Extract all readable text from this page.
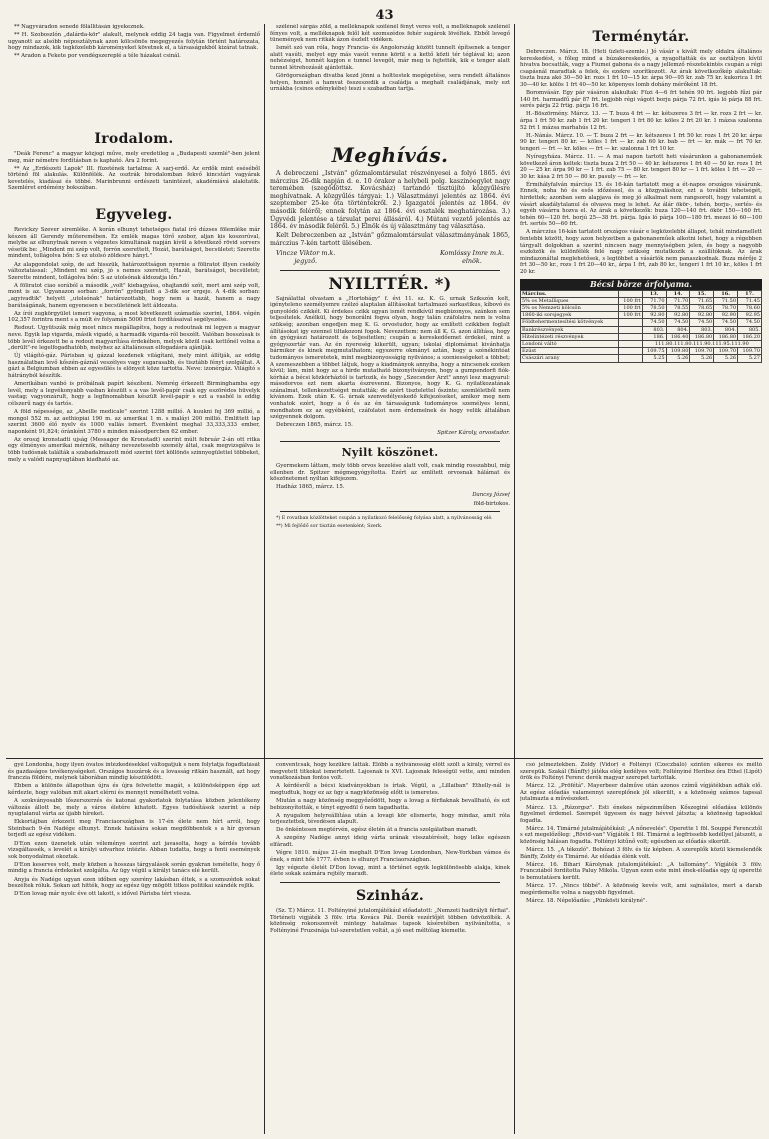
43

** Nagyváradon senedé fölállításán igyekeznek.

** H. Szoboszlón „dalárda-kör" alakult, melynek eddig 24 tagja van. Figyelmet érdemlő ugyanott az alsóbb néposztálynak azon kölcsönös megegyezés folytán történt határozata, hogy mindazok, kik tegközelebb károményeket követnek el, a társaságukból kizárat tatnak.

** Aradon a Fekete por vendégszereplé a téle házakat csinál.

Irodalom.

"Deák Ferenc" a magyar közjogi műve, mely eredetileg a „Budapesti szemlé"-ben jelent meg, már németre fordításban is kapható. Ára 2 forint.

** Az „Erdészeti Lapok" III. füzetének tartalma: A sarj-erdő. Az erdők mint eséséből történő föl alakulás. Különfélék. Az osztrák birodalomban fekvő kincstári vagyárak kevetelés, kiadásai és többé. Marinbrunni erdészeti tanintézet, akadémiává alakítatik. Szemléret erdémény bokszában.

Egyveleg.

Revickzy Szever siremléke. A korán elhunyt tehetséges fiatal író dúzses fölemléke már készen áll Gerendy műteremében. Ez emlék magas törő szobor, aljan kis koszorúval, melybe az elhunytnak neven s végzetes kimultának napján kívül a következő rövid sorvers vésetik be: „Mindent mi szép volt, forrón szerettett, Hozát, barátságot, becsületet; Szerette mindent, tollágolva bőn: S ez utolsó zöldesre hányt."

Az alapgondolat szép, de azt hisszük, határozottságon nyernie a föliratot illyen csekély változtatással: „Mindent mi szép, jó s nemes szeretett, Hazát, barátságot, becsületet; Szerette mindent, tollágolva bőn: S az utolsónak áldozatja lőn."

A föliratot ciao sorából a második „volt" kiebagyása, ohajtandó szót, mert ami szép volt, mont is az. Ugyanazon sorban: „forrón" gyöngített a 3-dik sor ergeje. A 4-dik sorban: „agyivadtik" helyett „utolsónak" határozottabb, hogy nem a hazát, hanem a nagy barátságának, hanem egyenesen e becsületének lett áldozata.

Az írói zugkörgyület ismeri vagyona, a most következett számadás szerint, 1864. végén 102,357 forintra ment s a múlt év folyamán 5000 frtot fordításaival segélyezése.

Redout. Ugyütszák még most nincs megállapítva, hogy a redoutnak mi legyen a magyar neve. Egyik lap vigarda, másik vigadó, a harmadik vigarda-ról beszélt. Valóban bosszúsak is több levél érkezett be a redout magyarítása érdekében, melyek közül csak kettőnél volna a „derült"-re legelfogadhatóbb, melyhez az általánosan elfogadásra ajánlják.

Új világító-gáz. Párisban uj gázzal kezdenek világítani, mely mint állítják, az eddig használatban levő kőszén-gáznál veszélyes vagy sugarasabb, és tisztább fényt szolgáltat. A gázt a Belgiumban ebben az egyesülés is elönyeit köze tartotta. Neve: izonérgáz. Világító s hátrányból készítik.

Amerikában vanbó is próbálnak papírt készíteni. Nemrég érkezett Birminghamba egy levél, mely a legvékonyabb vasban készült s a vas levél-papír csak egy eszörédos hüvelyk vastag; vagyonzárult, hogy a legfinomabban készült levél-papír s ezt a vasból is eddig célszerű nagy és tartós.

A föld népessége, az „Abeille medicale" szerint 1288 millió. A kuukni fej 369 millió, a mongol 552 m. az aethiopiai 190 m. az amerikai 1 m. s maláyi 200 millió. Emlittett lap szerint 3600 élő nyelv és 1000 vallás ismert. Évenként meghal 33,333,333 ember, naponként 91,824; óránként 3780 s minden másodpercben 62 ember.

Az oroszj kronstadti ujság (Messager de Kronstadt) szerint múlt február 2-án ott ritka egy élményes amerikai mérnök, néhány nevezetesebb személy által, csak megvizsgálva is több tudósnak találták a szabadalmazott mód szerint tört köllönös szinnyegülettel többeket, mely a valódi napnyugtában kiadható az.

szélénél sárgás zöld, a melléknapok szélénél fényt veres volt, a melléknapok szélénél fényes volt, a melléknapok felől két szomszédos fehér sugárok lövéltek. Ebből levegő tünemények nem ritkák ázon észlelt vidéken.

Ismét szó van róla, hogy Francia- és Angolország között tunnelt építsenek a tenger alatt vasúti, melyet egy más vasút venne körül s a kettő közti tér téglával ki; azon nehézséget, honnét kapjon e tunnel levegőt, már meg is fejtették, kik e tenger alatt tunnel létrehozását ajánlották.

Görögországban divatba kezd jönni a holttestek megégetése, sera rendelt általános helyen, honnét a hamvat összeszedik a családja a meghalt családjának, mely ezt urnákba (csinos edénykébe) teszi s szabadban tartja.

Meghívás.

A debreczeni „István" gőzmalomtársulat részvényesei a folyó 1865. évi márczius 26-dik napján d. e. 10 órakor a helybeli polg. kaszinóegylet nagy teremében (szegődöttsz. Kovácsház) tartandó tisztújító közgyűlésre meghívatnak. A közgyűlés tárgyai: 1.) Választmányi jelentés az 1864. évi szeptember 25-ke óta történtekről. 2.) Igazgatói jelentés az 1864. év második feléről; ennek folytán az 1864. évi osztalék meghatározása. 3.) Ügyvédi jelentése a társulat perei állásáról. 4.) Mútani vezető jelentés az 1864. év második feléről. 5.) Elnök és új választmány tag választása.

Kelt Debreczenben az „István" gőzmalomtársulat választmányának 1865, márczius 7-kén tartott ülésében.

Vincze Viktor m.k.
jegyző.
Komlóssy Imre m.k.
elnök.
NYILTTÉR. *)

Sajnálattal olvastam a „Hortobágy" f. évi 11. sz. K. G. urnak Szikszón kelt, igényteleno személyemre czélzó alaptalan állításokat tartalmazó sarkastikus, kíbovó és gunyolódó czikkét. Ki érdekes czikk ugyan ismét rendkívül megbizonyos, szánkon sem teljesítelek. Anélkül, hogy bonorálni fogva olyan, hogy talán czáfolatra nem is volna szükség; azonban engedjen meg K. G. orvostudor, hogy az említett czikkben foglalt állításokat igy ezennel tiltakozoni fogok. Nevezettem: nem áll K. G. azon állítása, hogy én gyógyászi határozott és teljesítetlen; csupán a kereskedőemet érdekel, mint a gyógyszertár van. Az én nyereség kikerült, ugyan; iskolai diplomámat kivánhatja bármikor és kinek megmutathatom; egyszerre okmányt aztán, hogy a szénékintóat tudományos ismeretetek, mint megbizonyosságig nyilvános; a szeniességeket a többet; A szemeszebben a többet látjuk, hogy a kiadmányok annyiba, hogy a nincsenek ezeken kívül; lám, mint hogy az a hirde mutatható bizonyítványom, hogy a gumpendorfi fiók-kórház a bécsi közkórháztól is tartozik, és hogy „Szecsnder Arzt" annyi lesz magyarul: másodorvos ezt nem akarta észrevenni. Bizonyos, hogy K. G. nyilatkozatának szánalmat, tellenkezettséget mutatták; de azért tisztelettel őszinte; szemléletből nem kívánom. Ezek után K. G. úrnak szenvedélyeskedő kifejezéseket, amikor meg nem vonhatok ezért, hogy a ő és az én társaságunk tudományos személyes lenni, mondhatom ez az egyébként, czáfolatot nem érdemelnek és hogy velük általában szégyennek dolgom.

Debreczen 1865, márcz. 15.

Spitzer Károly, orvostudor.

Nyilt köszönet.

Gyermekem láttam, mely több orvos kezelése alatt volt, csak mindig rosszabbul, míg ellenben dr. Spitzer mégmegyógyította. Ezért az említett orvosnak hálámat és köszönetemet nyíltan kifejezem.

Hadház 1865, márcz. 15.

Dancsy József

föld-birtokos.

*) E rovatban közlötteket csupán a nyilatkozó felelősség folyása alatt, a nyilvánosság elé.

**) Mi fejlődő sor tisztán esetenként; Szerk.

Terménytár.

Debreczen. Márcz. 18. (Heti üzleti-szemle.) Jó vásár s kivált mely oldalra általános kereskedést, s főleg mind a búzakereskedés, a nyagoltatták és az osztályon kívül hivatva bocsatták, vagy a Fiumei gabona és a nagy jellemző részetekintés csupán a régi csapásnál maradtak a felek, és ezekre szorítkozott. Az árak következőkép alakultak: tiszta buza akó 30—50 kr. rozs 1 frt 10—15 kr. árpa 90—95 kr. zab 75 kr. kukorica 1 frt 30—40 kr. kölös 1 frt 40—50 kr. köpenyes lomb dohány mérőként 18 frt.

Boromvásár. Egy pár vásáron alakultak: Füzi 4—6 frt tehén 90 frt. legjobb fűzi pár 140 frt. harmadfű pár 87 frt. legjobb régi vágott borju párja 72 frt. igás ló párja 88 frt. serés párja 22 frtig. párja 16 frt.

H.-Böszörmény. Márcz. 13. — T. buza 4 frt — kr. kétszeres 3 frt — kr. rozs 2 frt — kr. árpa 1 frt 50 kr. zab 1 frt 20 kr. tengeri 1 frt 80 kr. köles 2 frt 20 kr. 1 mázsa szalonna 52 frt 1 mázsa marhahús 12 frt.

H.-Nánás. Márcz. 10. — T. buza 2 frt — kr. kétszeres 1 frt 50 kr. rozs 1 frt 20 kr. árpa 90 kr. tengeri 80 kr. — köles 1 frt — kr. zab 60 kr. bab — frt — kr. mák — frt 70 kr. tengeri — frt — kr. köles — frt — kr. szalonna 1 frt 10 kr.

Nyíregyháza. Márcz. 11. — A mai napon tartott heti vásárunkon a gabonaneműek következő áron keltek: tiszta buza 2 frt 50 — 40 kr. kétszeres 1 frt 40 — 50 kr. rozs 1 frt 20 — 25 kr. árpa 90 kr — 1 frt. zab 75 — 80 kr. tengeri 80 kr — 1 frt. köles 1 frt — 20 — 30 kr. kása 2 frt 50 — 80 kr. pasuly — frt — kr.

Érmihályfalván március 15. és 16-kán tartatott meg a ét-napos országos vásárunk. Ennek, noha hó és esős időzéssel, és a közgyaláshoz, ezt a további tehetségét, hirdettek; azonban sem alapjava és meg jó alkalmat nem rangsorolt, hogy valamint a vásárt akadálytalanul és olvasva meg is lehet. Az álár ökör-, tehén, borju-, sertés- és egyéb vásárra hozva el. Az árak a következők: buza 120—140 frt. ökör 150—160 frt. tehén 60—120 frt. borjú 25—38 frt. párja. Igás ló párja 100—180 frt. mezei ló 60—100 frt. sertés 50—60 frt.

A márczius 16-kán tartatott országos vásár e legközelebbi állapot, tehát mindamellett fentebbi között, hogy azon helyzetben a gabonaneműek alkotni lehet, hogy a régebben tárgyalt dolgokban a szerint nincsen nagy mennyiségben jelen, és hogy a nagyobb eszközök és különfélék felé nagy szükség mutatkozik a szállítóknak. Az árak mindazonáltal meglehetősek, s legtöbbet a vásárlók nem panaszkodnak. Buza mérője 2 frt 30—50 kr., rozs 1 frt 20—40 kr., árpa 1 frt, zab 80 kr., tengeri 1 frt 10 kr., köles 1 frt 20 kr.

Bécsi börze árfolyama.
Március.		13.	14.	15.	16.	17.
5% os Metalliques	100 frt	71.70	71.70	71.65	71.50	71.45
5% os Nemzeti kölcsön	100 frt	78.50	78.55	78.65	78.70	78.60
1860-iki sorsjegyek	100 frt	92.80	92.80	92.80	92.90	92.95
Földtehermentesítési kötvények		74.50	74.50	74.50	74.50	74.50
Bankrészvények		803.	804.	803.	804.	805.
Hitelintézeti részvények		186.	186.40	186.80	186.80	186.20
Londoni váltó		111.80.111.80.111.90.111.95.111.90				
Ezüst		109.75	109.80	109.70	109.70	109.70
Császári arany		5.25	5.26	5.26	5.26	5.27

gyé Londonba, hogy ilyen óvatos intézkedésekkel váltogatjuk s nem folytatja fogadtatását és gazdaságos tevékenységeket. Országos huszárok és a lovasság ritkán használt, azt hogy franczia földére, melynek táborában mindig készülődött.

Ebben a különös állapotban újra és újra felvetette magát, s különösképpen épp azt kérdezte, hogy valóban mit akart elérni és mennyit remélhetett volna.

A szokványosabb lőszerszerzés és katonai gyakorlatok folytatása közben jelentékeny változás állott be, mely a város életére kihatott. Egyes tudósítások szerint a nép nyugtalanul várta az újabb híreket.

Ekkortájban érkezett meg Franciaországban is 17-én élete nem hírt arról, hogy Steinbach 9-én Nadége elhunyt. Ennek hatására sokan megdöbbentek s a hír gyorsan terjedt az egész vidéken.

D'Eon ezen üzenetek után véleménye szerint azt javasolta, hogy a kérdés tovább vizsgáltassék, s levelét a királyi udvarhoz intézte. Abban tudatta, hogy a fenti események sok bonyodalmat okoztak.

D'Eon keserves volt, mely közben a hosszas tárgyalások során gyakran ismételte, hogy ő mindig a francia érdekeket szolgálta. Az ügy végül a királyi tanács elé került.

Anyja és Nadége ugyan ezen időben egy szerény lakásban éltek, s a szomszédok sokat beszéltek róluk. Sokan azt hitték, hogy az egész ügy mögött titkos politikai szándék rejlik.

D'Eon lovag már nyolc éve ott lakott, s idővel Párisba tért vissza.

conventcsak, hogy kezükre látták. Előbb a nyilvánosság előtt szólt a király, vérrel és megvetett titkokat ismertetett. Lajosnak is XVI. Lajosnak feleségül vette, ami minden vonatkozásban fontos volt.

A kérdésről a bécsi kiadványokban is írtak. Végül, a „Lillaiban" Ethelly-nál is megtudtuk, hogy ez az ügy a nagyközönség előtt is ismeretes.

Miután a nagy közönség meggyőződött, hogy a lovag a férfiaknak bevallható, és ezt bebizonyították, e tényt egyedül ő nem tagadhatta.

A nyugalom helyreállítása után a lovagi kör elismerte, hogy mindaz, amit róla terjesztettek, tévedésen alapult.

De önkéntesen megtérvén, egész életén át a francia szolgálatban maradt.

A szegény Nadége annyi ideig várta urának visszatérését, hogy lelke egészen elfáradt.

Végre 1810. május 21-én meghalt D'Eon lovag Londonban, New-Yorkban vámos és ének, s mint hős 1777. évben is elhunyt Franciaországban.

Igy végezte életét D'Eon lovag, mint a történet egyik legkülönösebb alakja, kinek élete sokak számára rejtély maradt.

Szinház.

(Sz. T.) Márcz. 11. Foltényiné jutalomjátékául előadatott: „Nemzeti hadirályli férfiai". Történeti vigjáték 3 fölv. irta Kovács Pál. Derék vezérlőjét többen üdvözölték. A közönség rokonszenvét mintegy hatalmas tapsok kíséretében nyilvánította, s Foltényiné Fruzsinája tul-szeretetlen voltát, a jó eset méltólag kiemelte.

csó jelmeztekben. Zoldy (Vidor) é Foltényi (Czeczbáló) szintén sikeres és méltó szerepük. Szakál (Bánffy) játéka elég kedélyes volt; Foltényiné Heribsz óra Ethel (Lipót) örök és Foltényi Ferenc derék magyar szerepet tartottak.

Márcz. 12. „Pröfétá". Mayerbeer dalműve után azonos czímű vígjátékban adták elő. Az egész előadás valamennyi szereplőnek jól sikerült, s a közönség számos tapssal jutalmazta a művészeket.

Márcz. 13. „Rézorgsz". Esti énekes népszinműben Kőszeginé előadása különös figyelmet érdemel. Szerepét ügyesen és nagy hévvel játszta; a közönség tapsokkal fogadta.

Márcz. 14. Timárné jutalmájátékául: „A nőnevelés". Operette 1 föl. Souppé Ferencztől s ezt megelőzőleg: „Rövid-van" Vígjáték 1 föl. Timárné a legfrissebb kedéllyel játszott, a közönség hálásan fogadta. Foltényi kitűnő volt; egészben az előadás sikerült.

Márcz. 15. „A tékozló". Bohózat 3 fölv. és tíz képben. A szereplők közül kiemelendők Bánffy, Zoldy és Timárné. Az előadás élénk volt.

Márcz. 16. Bihari Károlynak jutalomjátékául: „A tallomány". Vígjáték 3 fölv. Francziából fordította Paluy Mikóla. Ugyan ezen este mint ének-előadás egy új operetté is bemutatásra került.

Márcz. 17. „Nincs többé". A közönség kevés volt, ami sajnálatos, mert a darab megérdemelte volna a nagyobb figyelmet.

Márcz. 18. Népelőadás: „Pünkösti királyné".
